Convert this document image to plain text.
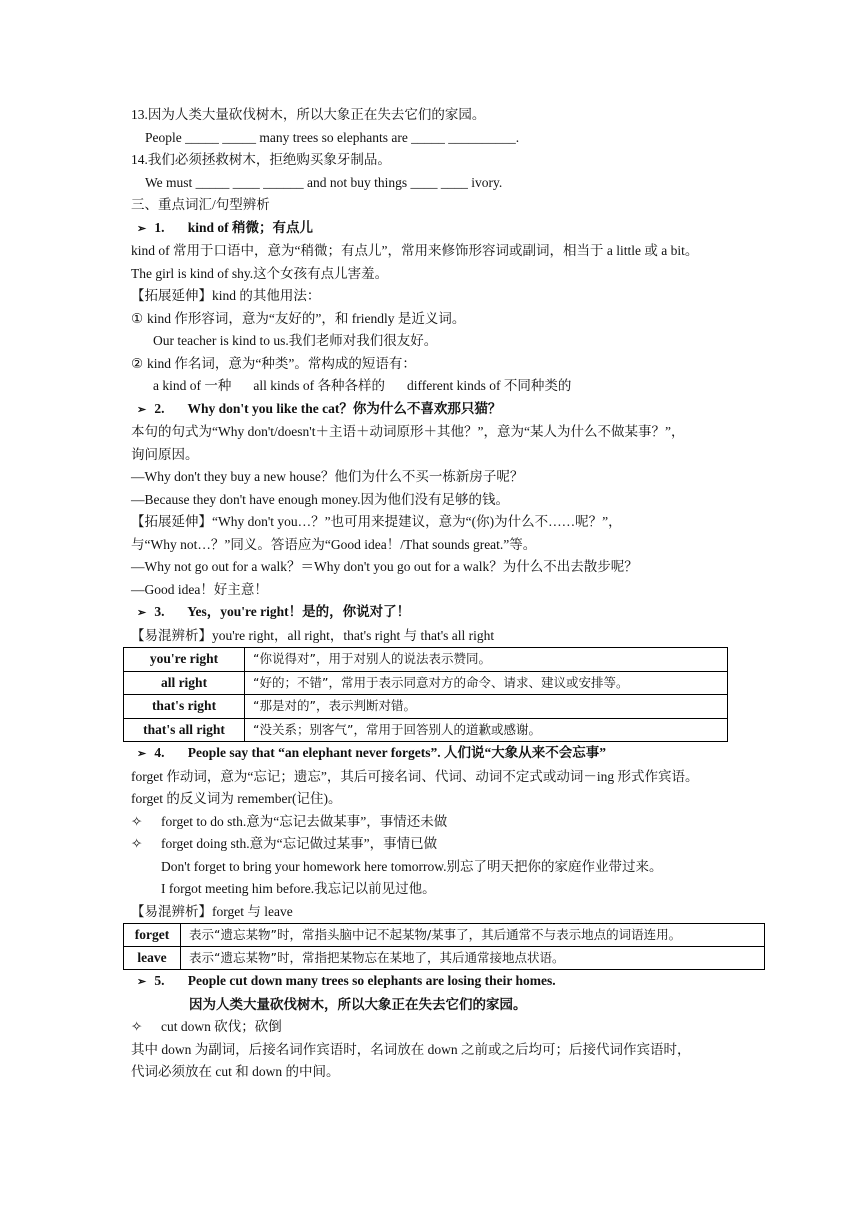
13.因为人类大量砍伐树木，所以大象正在失去它们的家园。
People _____ _____ many trees so elephants are _____ __________.
14.我们必须拯救树木，拒绝购买象牙制品。
We must _____ ____ ______ and not buy things ____ ____ ivory.
三、重点词汇/句型辨析
➢ 1. kind of 稍微；有点儿
kind of 常用于口语中，意为“稍微；有点儿”，常用来修饰形容词或副词，相当于 a little 或 a bit。
The girl is kind of shy.这个女孩有点儿害羞。
【拓展延伸】kind 的其他用法：
① kind 作形容词，意为“友好的”，和 friendly 是近义词。
Our teacher is kind to us.我们老师对我们很友好。
② kind 作名词，意为“种类”。常构成的短语有：
a kind of 一种 all kinds of 各种各样的 different kinds of 不同种类的
➢ 2. Why don't you like the cat？你为什么不喜欢那只猫？
本句的句式为“Why don't/doesn't＋主语＋动词原形＋其他？”，意为“某人为什么不做某事？”，
询问原因。
—Why don't they buy a new house？他们为什么不买一栋新房子呢？
—Because they don't have enough money.因为他们没有足够的钱。
【拓展延伸】“Why don't you…？”也可用来提建议，意为“(你)为什么不……呢？”，
与“Why not…？”同义。答语应为“Good idea！/That sounds great.”等。
—Why not go out for a walk？＝Why don't you go out for a walk？为什么不出去散步呢？
—Good idea！好主意！
➢ 3. Yes，you're right！是的，你说对了！
【易混辨析】you're right，all right，that's right 与 that's all right
you're right	“你说得对”，用于对别人的说法表示赞同。
all right	“好的；不错”，常用于表示同意对方的命令、请求、建议或安排等。
that's right	“那是对的”，表示判断对错。
that's all right	“没关系；别客气”，常用于回答别人的道歉或感谢。
➢ 4. People say that “an elephant never forgets”. 人们说“大象从来不会忘事”
forget 作动词，意为“忘记；遗忘”，其后可接名词、代词、动词不定式或动词－ing 形式作宾语。
forget 的反义词为 remember(记住)。
✧ forget to do sth.意为“忘记去做某事”，事情还未做
✧ forget doing sth.意为“忘记做过某事”，事情已做
Don't forget to bring your homework here tomorrow.别忘了明天把你的家庭作业带过来。
I forgot meeting him before.我忘记以前见过他。
【易混辨析】forget 与 leave
forget	表示“遗忘某物”时，常指头脑中记不起某物/某事了，其后通常不与表示地点的词语连用。
leave	表示“遗忘某物”时，常指把某物忘在某地了，其后通常接地点状语。
➢ 5. People cut down many trees so elephants are losing their homes.
因为人类大量砍伐树木，所以大象正在失去它们的家园。
✧ cut down 砍伐；砍倒
其中 down 为副词，后接名词作宾语时，名词放在 down 之前或之后均可；后接代词作宾语时，
代词必须放在 cut 和 down 的中间。
